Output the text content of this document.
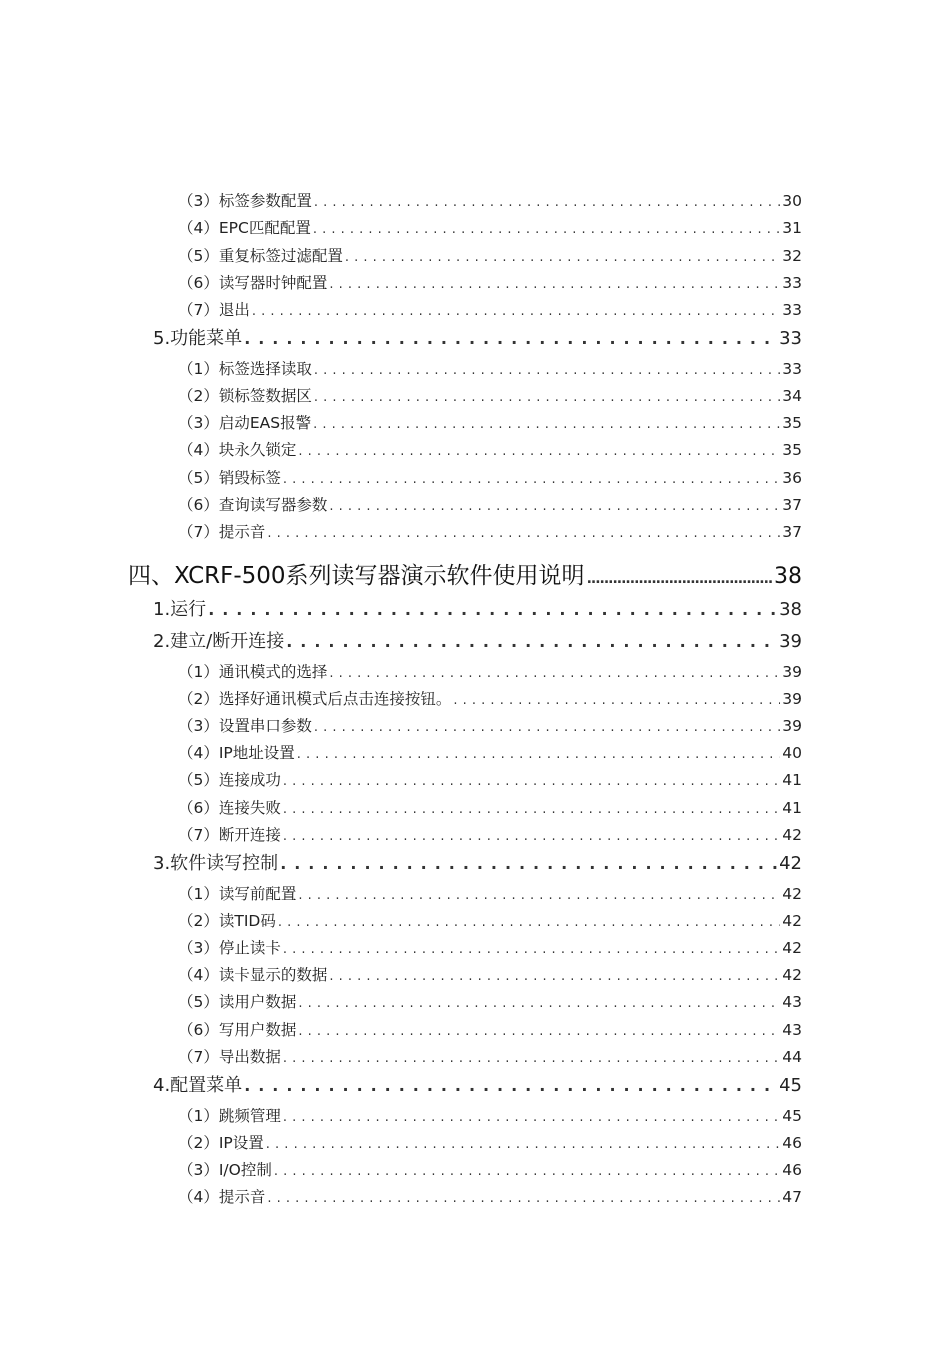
（3）标签参数配置 . . .	30
（4）EPC匹配配置 . . .	31
（5）重复标签过滤配置 . . .	32
（6）读写器时钟配置 . . .	33
（7）退出 . . .	33
5.功能菜单 . . .	33
（1）标签选择读取 . . .	33
（2）锁标签数据区 . . .	34
（3）启动EAS报警 . . .	35
（4）块永久锁定 . . .	35
（5）销毁标签 . . .	36
（6）查询读写器参数 . . .	37
（7）提示音 . . .	37
四、XCRF-500系列读写器演示软件使用说明 .....	38
1.运行 . . .	38
2.建立/断开连接 . . .	39
（1）通讯模式的选择 . . .	39
（2）选择好通讯模式后点击连接按钮。 . . .	39
（3）设置串口参数 . . .	39
（4）IP地址设置 . . .	40
（5）连接成功 . . .	41
（6）连接失败 . . .	41
（7）断开连接 . . .	42
3.软件读写控制 . . .	42
（1）读写前配置 . . .	42
（2）读TID码 . . .	42
（3）停止读卡 . . .	42
（4）读卡显示的数据 . . .	42
（5）读用户数据 . . .	43
（6）写用户数据 . . .	43
（7）导出数据 . . .	44
4.配置菜单 . . .	45
（1）跳频管理 . . .	45
（2）IP设置 . . .	46
（3）I/O控制 . . .	46
（4）提示音 . . .	47
